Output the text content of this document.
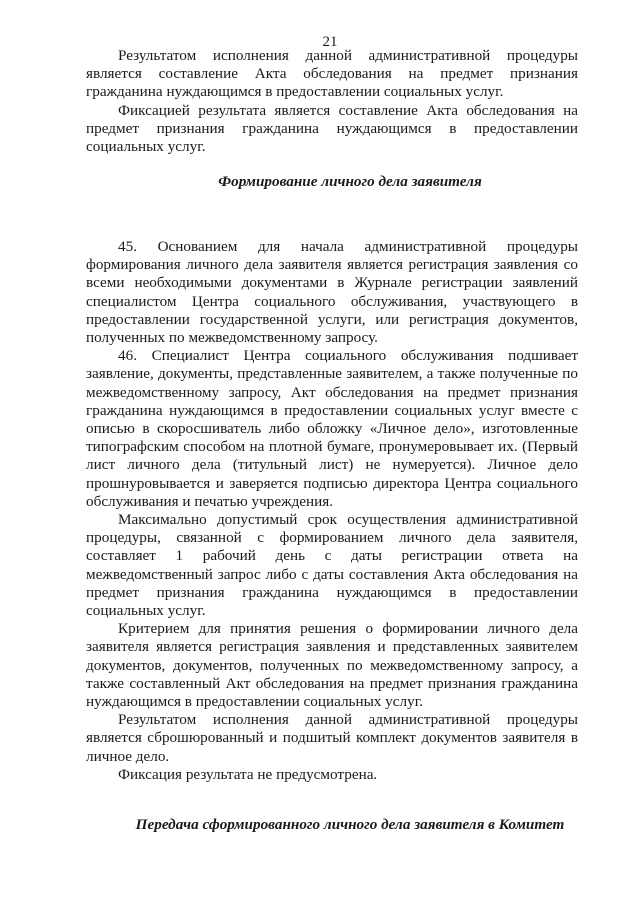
21

Результатом исполнения данной административной процедуры является составление Акта обследования на предмет признания гражданина нуждающимся в предоставлении социальных услуг.

Фиксацией результата является составление Акта обследования на предмет признания гражданина нуждающимся в предоставлении социальных услуг.

Формирование личного дела заявителя

45. Основанием для начала административной процедуры формирования личного дела заявителя является регистрация заявления со всеми необходимыми документами в Журнале регистрации заявлений специалистом Центра социального обслуживания, участвующего в предоставлении государственной услуги, или регистрация документов, полученных по межведомственному запросу.

46. Специалист Центра социального обслуживания подшивает заявление, документы, представленные заявителем, а также полученные по межведомственному запросу, Акт обследования на предмет признания гражданина нуждающимся в предоставлении социальных услуг вместе с описью в скоросшиватель либо обложку «Личное дело», изготовленные типографским способом на плотной бумаге, пронумеровывает их. (Первый лист личного дела (титульный лист) не нумеруется). Личное дело прошнуровывается и заверяется подписью директора Центра социального обслуживания и печатью учреждения.

Максимально допустимый срок осуществления административной процедуры, связанной с формированием личного дела заявителя, составляет 1 рабочий день с даты регистрации ответа на межведомственный запрос либо с даты составления Акта обследования на предмет признания гражданина нуждающимся в предоставлении социальных услуг.

Критерием для принятия решения о формировании личного дела заявителя является регистрация заявления и представленных заявителем документов, документов, полученных по межведомственному запросу, а также составленный Акт обследования на предмет признания гражданина нуждающимся в предоставлении социальных услуг.

Результатом исполнения данной административной процедуры является сброшюрованный и подшитый комплект документов заявителя в личное дело.

Фиксация результата не предусмотрена.

Передача сформированного личного дела заявителя в Комитет
